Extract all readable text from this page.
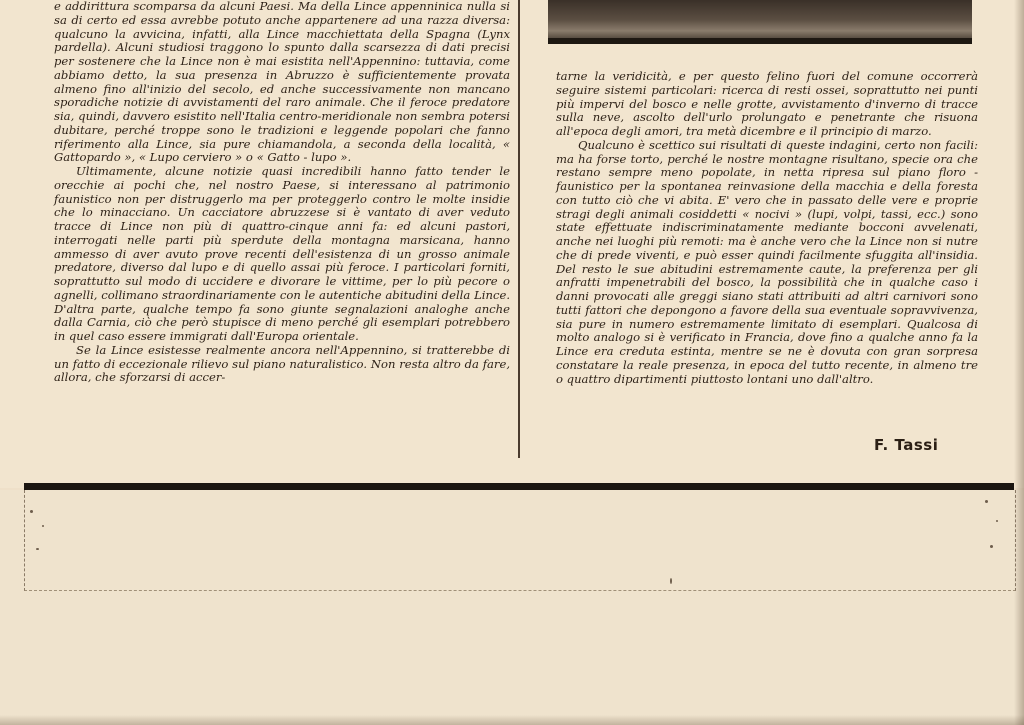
e addirittura scomparsa da alcuni Paesi. Ma della Lince appenninica nulla si sa di certo ed essa avrebbe potuto anche appartenere ad una razza diversa: qualcuno la avvicina, infatti, alla Lince macchiettata della Spagna (Lynx pardella). Alcuni studiosi traggono lo spunto dalla scarsezza di dati precisi per sostenere che la Lince non è mai esistita nell'Appennino: tuttavia, come abbiamo detto, la sua presenza in Abruzzo è sufficientemente provata almeno fino all'inizio del secolo, ed anche successivamente non mancano sporadiche notizie di avvistamenti del raro animale. Che il feroce predatore sia, quindi, davvero esistito nell'Italia centro-meridionale non sembra potersi dubitare, perché troppe sono le tradizioni e leggende popolari che fanno riferimento alla Lince, sia pure chiamandola, a seconda della località, « Gattopardo », « Lupo cerviero » o « Gatto - lupo ».

Ultimamente, alcune notizie quasi incredibili hanno fatto tender le orecchie ai pochi che, nel nostro Paese, si interessano al patrimonio faunistico non per distruggerlo ma per proteggerlo contro le molte insidie che lo minacciano. Un cacciatore abruzzese si è vantato di aver veduto tracce di Lince non più di quattro-cinque anni fa: ed alcuni pastori, interrogati nelle parti più sperdute della montagna marsicana, hanno ammesso di aver avuto prove recenti dell'esistenza di un grosso animale predatore, diverso dal lupo e di quello assai più feroce. I particolari forniti, soprattutto sul modo di uccidere e divorare le vittime, per lo più pecore o agnelli, collimano straordinariamente con le autentiche abitudini della Lince. D'altra parte, qualche tempo fa sono giunte segnalazioni analoghe anche dalla Carnia, ciò che però stupisce di meno perché gli esemplari potrebbero in quel caso essere immigrati dall'Europa orientale.

Se la Lince esistesse realmente ancora nell'Appennino, si tratterebbe di un fatto di eccezionale rilievo sul piano naturalistico. Non resta altro da fare, allora, che sforzarsi di accer-

tarne la veridicità, e per questo felino fuori del comune occorrerà seguire sistemi particolari: ricerca di resti ossei, soprattutto nei punti più impervi del bosco e nelle grotte, avvistamento d'inverno di tracce sulla neve, ascolto dell'urlo prolungato e penetrante che risuona all'epoca degli amori, tra metà dicembre e il principio di marzo.

Qualcuno è scettico sui risultati di queste indagini, certo non facili: ma ha forse torto, perché le nostre montagne risultano, specie ora che restano sempre meno popolate, in netta ripresa sul piano floro - faunistico per la spontanea reinvasione della macchia e della foresta con tutto ciò che vi abita. E' vero che in passato delle vere e proprie stragi degli animali cosiddetti « nocivi » (lupi, volpi, tassi, ecc.) sono state effettuate indiscriminatamente mediante bocconi avvelenati, anche nei luoghi più remoti: ma è anche vero che la Lince non si nutre che di prede viventi, e può esser quindi facilmente sfuggita all'insidia. Del resto le sue abitudini estremamente caute, la preferenza per gli anfratti impenetrabili del bosco, la possibilità che in qualche caso i danni provocati alle greggi siano stati attribuiti ad altri carnivori sono tutti fattori che depongono a favore della sua eventuale sopravvivenza, sia pure in numero estremamente limitato di esemplari. Qualcosa di molto analogo si è verificato in Francia, dove fino a qualche anno fa la Lince era creduta estinta, mentre se ne è dovuta con gran sorpresa constatare la reale presenza, in epoca del tutto recente, in almeno tre o quattro dipartimenti piuttosto lontani uno dall'altro.

F. Tassi
